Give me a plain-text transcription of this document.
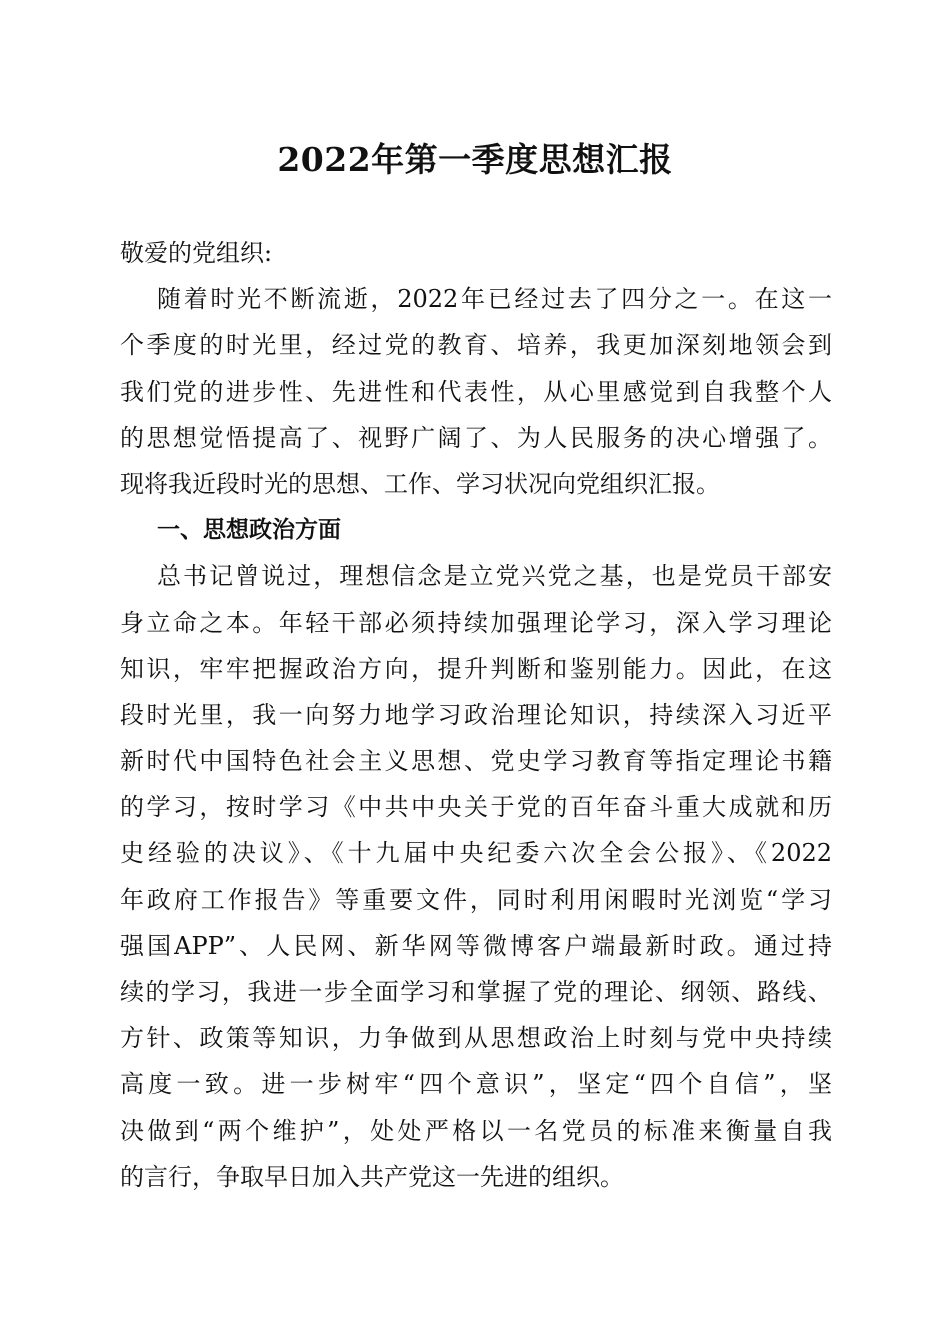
2022年第一季度思想汇报
敬爱的党组织:
随着时光不断流逝，2022年已经过去了四分之一。在这一
个季度的时光里，经过党的教育、培养，我更加深刻地领会到
我们党的进步性、先进性和代表性，从心里感觉到自我整个人
的思想觉悟提高了、视野广阔了、为人民服务的决心增强了。
现将我近段时光的思想、工作、学习状况向党组织汇报。
一、思想政治方面
总书记曾说过，理想信念是立党兴党之基，也是党员干部安
身立命之本。年轻干部必须持续加强理论学习，深入学习理论
知识，牢牢把握政治方向，提升判断和鉴别能力。因此，在这
段时光里，我一向努力地学习政治理论知识，持续深入习近平
新时代中国特色社会主义思想、党史学习教育等指定理论书籍
的学习，按时学习《中共中央关于党的百年奋斗重大成就和历
史经验的决议》、《十九届中央纪委六次全会公报》、《2022
年政府工作报告》等重要文件，同时利用闲暇时光浏览“学习
强国APP”、人民网、新华网等微博客户端最新时政。通过持
续的学习，我进一步全面学习和掌握了党的理论、纲领、路线、
方针、政策等知识，力争做到从思想政治上时刻与党中央持续
高度一致。进一步树牢“四个意识”，坚定“四个自信”，坚
决做到“两个维护”，处处严格以一名党员的标准来衡量自我
的言行，争取早日加入共产党这一先进的组织。
